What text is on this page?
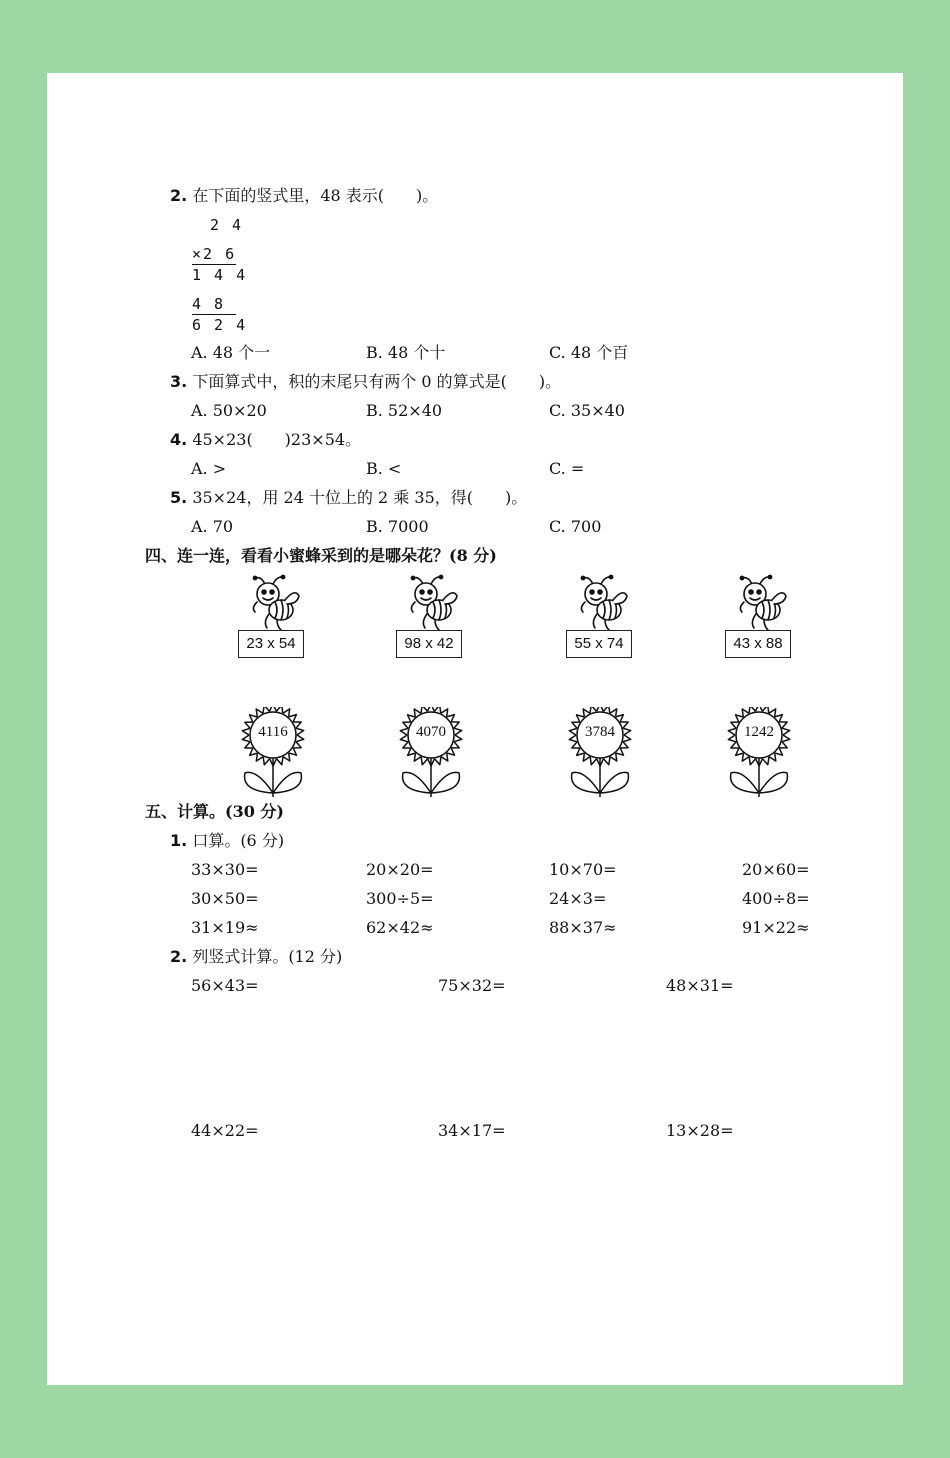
2. 在下面的竖式里，48 表示(　　)。
2 4
×2 6
1 4 4
4 8
6 2 4
A. 48 个一	B. 48 个十	C. 48 个百
3. 下面算式中，积的末尾只有两个 0 的算式是(　　)。
A. 50×20	B. 52×40	C. 35×40
4. 45×23(　　)23×54。
A. >	B. <	C. =
5. 35×24，用 24 十位上的 2 乘 35，得(　　)。
A. 70	B. 7000	C. 700
四、连一连，看看小蜜蜂采到的是哪朵花？(8 分)
23 x 54	98 x 42	55 x 74	43 x 88
4116	4070	3784	1242
五、计算。(30 分)
1. 口算。(6 分)
33×30=	20×20=	10×70=	20×60=
30×50=	300÷5=	24×3=	400÷8=
31×19≈	62×42≈	88×37≈	91×22≈
2. 列竖式计算。(12 分)
56×43=	75×32=	48×31=
44×22=	34×17=	13×28=
